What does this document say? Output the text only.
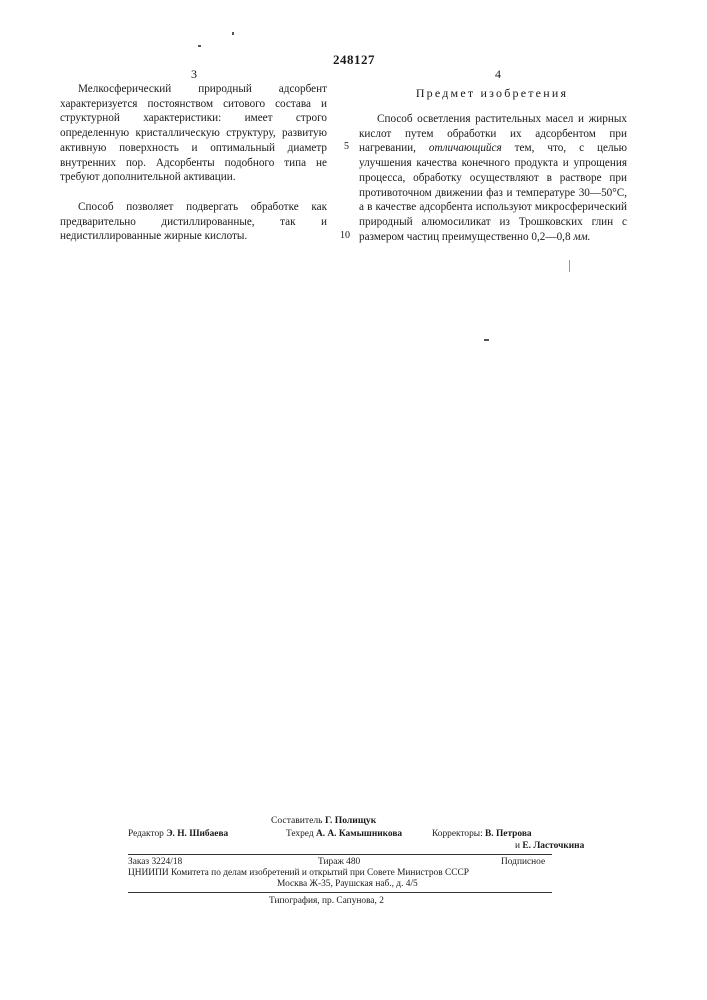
248127
3	4

Мелкосферический природный адсорбент характеризуется постоянством ситового состава и структурной характеристики: имеет строго определенную кристаллическую структуру, развитую активную поверхность и оптимальный диаметр внутренних пор. Адсорбенты подобного типа не требуют дополнительной активации.

Способ позволяет подвергать обработке как предварительно дистиллированные, так и недистиллированные жирные кислоты.

Предмет изобретения

Способ осветления растительных масел и жирных кислот путем обработки их адсорбентом при нагревании, отличающийся тем, что, с целью улучшения качества конечного продукта и упрощения процесса, обработку осуществляют в растворе при противоточном движении фаз и температуре 30—50°С, а в качестве адсорбента используют микросферический природный алюмосиликат из Трошковских глин с размером частиц преимущественно 0,2—0,8 мм.

5
10
Составитель Г. Полищук
Редактор Э. Н. Шибаева	Техред А. А. Камышникова	Корректоры: В. Петрова
и Е. Ласточкина
Заказ 3224/18	Тираж 480	Подписное
ЦНИИПИ Комитета по делам изобретений и открытий при Совете Министров СССР
Москва Ж-35, Раушская наб., д. 4/5
Типография, пр. Сапунова, 2
